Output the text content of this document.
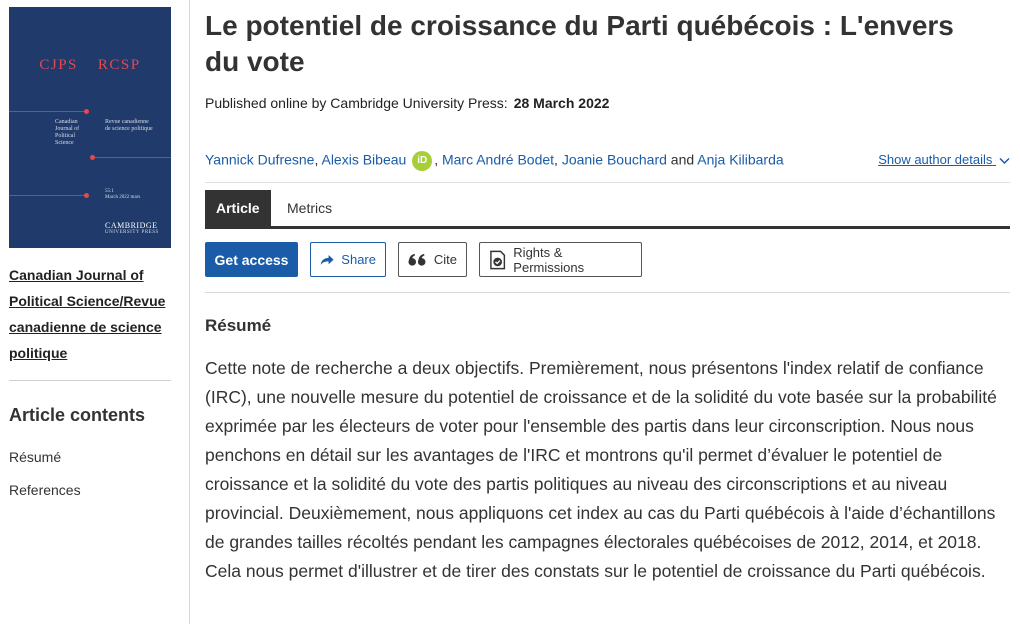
CJPS RCSP
Canadian Journal of Political Science
Revue canadienne de science politique
55:1
March 2022 mars
CAMBRIDGE
UNIVERSITY PRESS
Canadian Journal of Political Science/Revue canadienne de science politique
Article contents
Résumé
References
Le potentiel de croissance du Parti québécois : L'envers du vote
Published online by Cambridge University Press: 28 March 2022
Yannick Dufresne, Alexis Bibeau iD , Marc André Bodet, Joanie Bouchard and Anja Kilibarda	Show author details
Article	Metrics
Get access	Share	Cite	Rights & Permissions
Résumé

Cette note de recherche a deux objectifs. Premièrement, nous présentons l'index relatif de confiance (IRC), une nouvelle mesure du potentiel de croissance et de la solidité du vote basée sur la probabilité exprimée par les électeurs de voter pour l'ensemble des partis dans leur circonscription. Nous nous penchons en détail sur les avantages de l'IRC et montrons qu'il permet d’évaluer le potentiel de croissance et la solidité du vote des partis politiques au niveau des circonscriptions et au niveau provincial. Deuxièmement, nous appliquons cet index au cas du Parti québécois à l'aide d’échantillons de grandes tailles récoltés pendant les campagnes électorales québécoises de 2012, 2014, et 2018. Cela nous permet d'illustrer et de tirer des constats sur le potentiel de croissance du Parti québécois.
